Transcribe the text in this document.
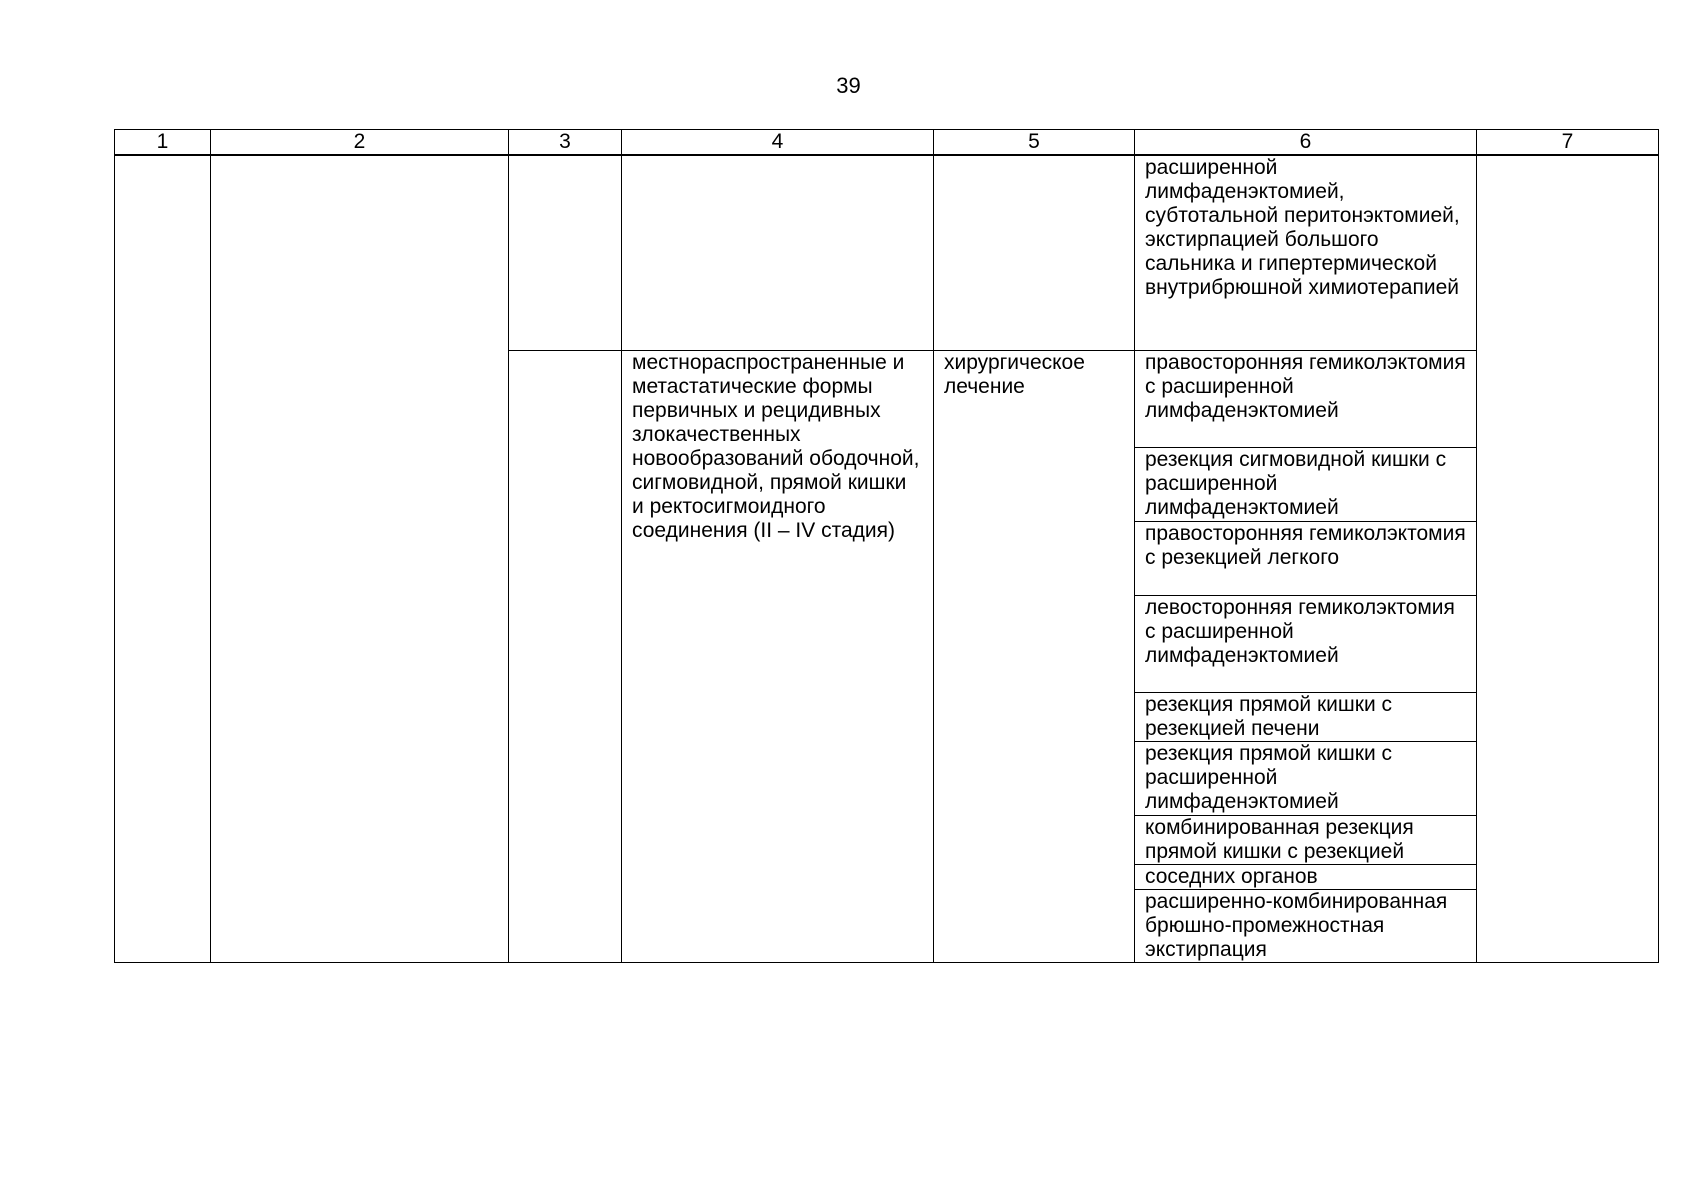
39
1	2	3	4	5	6	7
					расширенной лимфаденэктомией, субтотальной перитонэктомией, экстирпацией большого сальника и гипертермической внутрибрюшной химиотерапией	
			местнораспространенные и метастатические формы первичных и рецидивных злокачественных новообразований ободочной, сигмовидной, прямой кишки и ректосигмоидного соединения (II – IV стадия)	хирургическое лечение	правосторонняя гемиколэктомия с расширенной лимфаденэктомией	
					резекция сигмовидной кишки с расширенной лимфаденэктомией	
					правосторонняя гемиколэктомия с резекцией легкого	
					левосторонняя гемиколэктомия с расширенной лимфаденэктомией	
					резекция прямой кишки с резекцией печени	
					резекция прямой кишки с расширенной лимфаденэктомией	
					комбинированная резекция прямой кишки с резекцией	
					соседних органов	
					расширенно-комбинированная брюшно-промежностная экстирпация	
